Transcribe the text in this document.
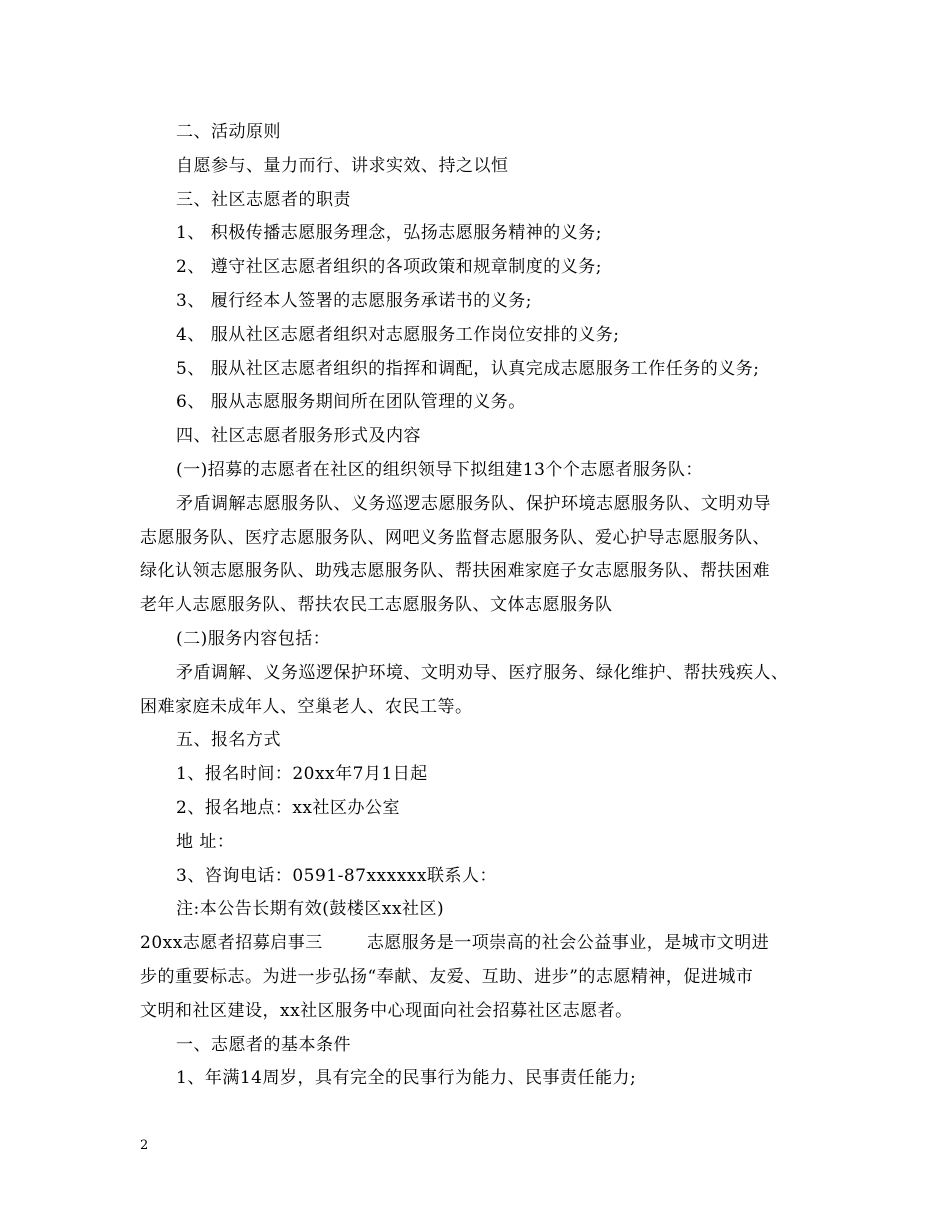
二、活动原则
自愿参与、量力而行、讲求实效、持之以恒
三、社区志愿者的职责
1、 积极传播志愿服务理念，弘扬志愿服务精神的义务;
2、 遵守社区志愿者组织的各项政策和规章制度的义务;
3、 履行经本人签署的志愿服务承诺书的义务;
4、 服从社区志愿者组织对志愿服务工作岗位安排的义务;
5、 服从社区志愿者组织的指挥和调配，认真完成志愿服务工作任务的义务;
6、 服从志愿服务期间所在团队管理的义务。
四、社区志愿者服务形式及内容
(一)招募的志愿者在社区的组织领导下拟组建13个个志愿者服务队：
矛盾调解志愿服务队、义务巡逻志愿服务队、保护环境志愿服务队、文明劝导
志愿服务队、医疗志愿服务队、网吧义务监督志愿服务队、爱心护导志愿服务队、
绿化认领志愿服务队、助残志愿服务队、帮扶困难家庭子女志愿服务队、帮扶困难
老年人志愿服务队、帮扶农民工志愿服务队、文体志愿服务队
(二)服务内容包括：
矛盾调解、义务巡逻保护环境、文明劝导、医疗服务、绿化维护、帮扶残疾人、
困难家庭未成年人、空巢老人、农民工等。
五、报名方式
1、报名时间：20xx年7月1日起
2、报名地点：xx社区办公室
地 址：
3、咨询电话：0591-87xxxxxx联系人：
注:本公告长期有效(鼓楼区xx社区)
20xx志愿者招募启事三	志愿服务是一项崇高的社会公益事业，是城市文明进
步的重要标志。为进一步弘扬“奉献、友爱、互助、进步”的志愿精神，促进城市
文明和社区建设，xx社区服务中心现面向社会招募社区志愿者。
一、志愿者的基本条件
1、年满14周岁，具有完全的民事行为能力、民事责任能力;
2
